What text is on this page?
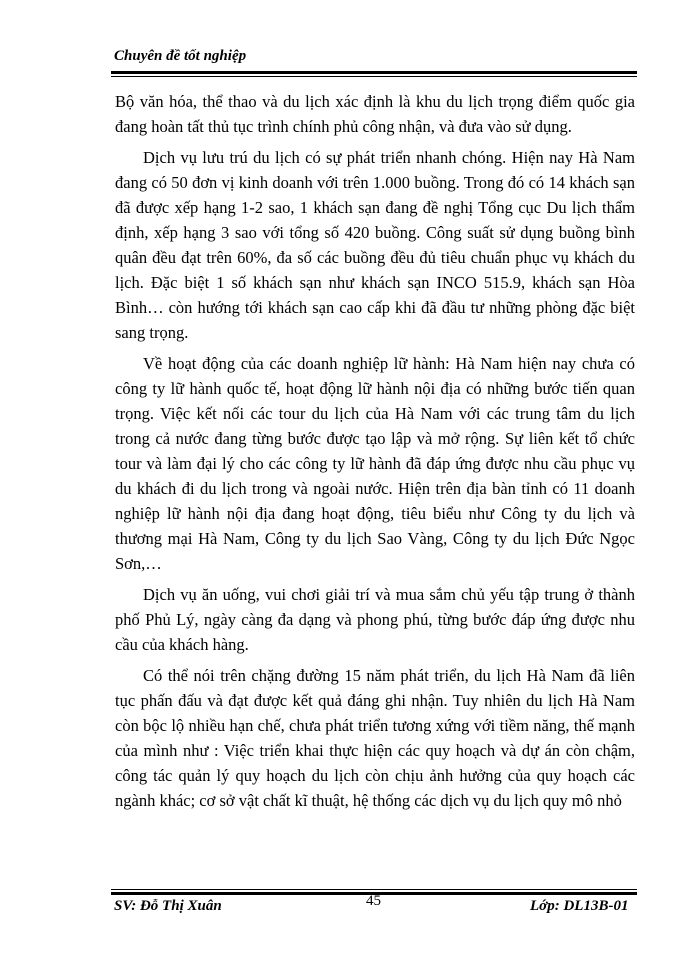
Chuyên đề tốt nghiệp

Bộ văn hóa, thể thao và du lịch xác định là khu du lịch trọng điểm quốc gia đang hoàn tất thủ tục trình chính phủ công nhận, và đưa vào sử dụng.

Dịch vụ lưu trú du lịch có sự phát triển nhanh chóng. Hiện nay Hà Nam đang có 50 đơn vị kinh doanh với trên 1.000 buồng. Trong đó có 14 khách sạn đã được xếp hạng 1-2 sao, 1 khách sạn đang đề nghị Tổng cục Du lịch thẩm định, xếp hạng 3 sao với tổng số 420 buồng. Công suất sử dụng buồng bình quân đều đạt trên 60%, đa số các buồng đều đủ tiêu chuẩn phục vụ khách du lịch. Đặc biệt 1 số khách sạn như khách sạn INCO 515.9, khách sạn Hòa Bình… còn hướng tới khách sạn cao cấp khi đã đầu tư những phòng đặc biệt sang trọng.

Về hoạt động của các doanh nghiệp lữ hành: Hà Nam hiện nay chưa có công ty lữ hành quốc tế, hoạt động lữ hành nội địa có những bước tiến quan trọng. Việc kết nối các tour du lịch của Hà Nam với các trung tâm du lịch trong cả nước đang từng bước được tạo lập và mở rộng. Sự liên kết tổ chức tour và làm đại lý cho các công ty lữ hành đã đáp ứng được nhu cầu phục vụ du khách đi du lịch trong và ngoài nước. Hiện trên địa bàn tỉnh có 11 doanh nghiệp lữ hành nội địa đang hoạt động, tiêu biểu như Công ty du lịch và thương mại Hà Nam, Công ty du lịch Sao Vàng, Công ty du lịch Đức Ngọc Sơn,…

Dịch vụ ăn uống, vui chơi giải trí và mua sắm chủ yếu tập trung ở thành phố Phủ Lý, ngày càng đa dạng và phong phú, từng bước đáp ứng được nhu cầu của khách hàng.

Có thể nói trên chặng đường 15 năm phát triển, du lịch Hà Nam đã liên tục phấn đấu và đạt được kết quả đáng ghi nhận. Tuy nhiên du lịch Hà Nam còn bộc lộ nhiều hạn chế, chưa phát triển tương xứng với tiềm năng, thế mạnh của mình như : Việc triển khai thực hiện các quy hoạch và dự án còn chậm, công tác quản lý quy hoạch du lịch còn chịu ảnh hưởng của quy hoạch các ngành khác; cơ sở vật chất kĩ thuật, hệ thống các dịch vụ du lịch quy mô nhỏ

SV: Đỗ Thị Xuân	45	Lớp: DL13B-01
